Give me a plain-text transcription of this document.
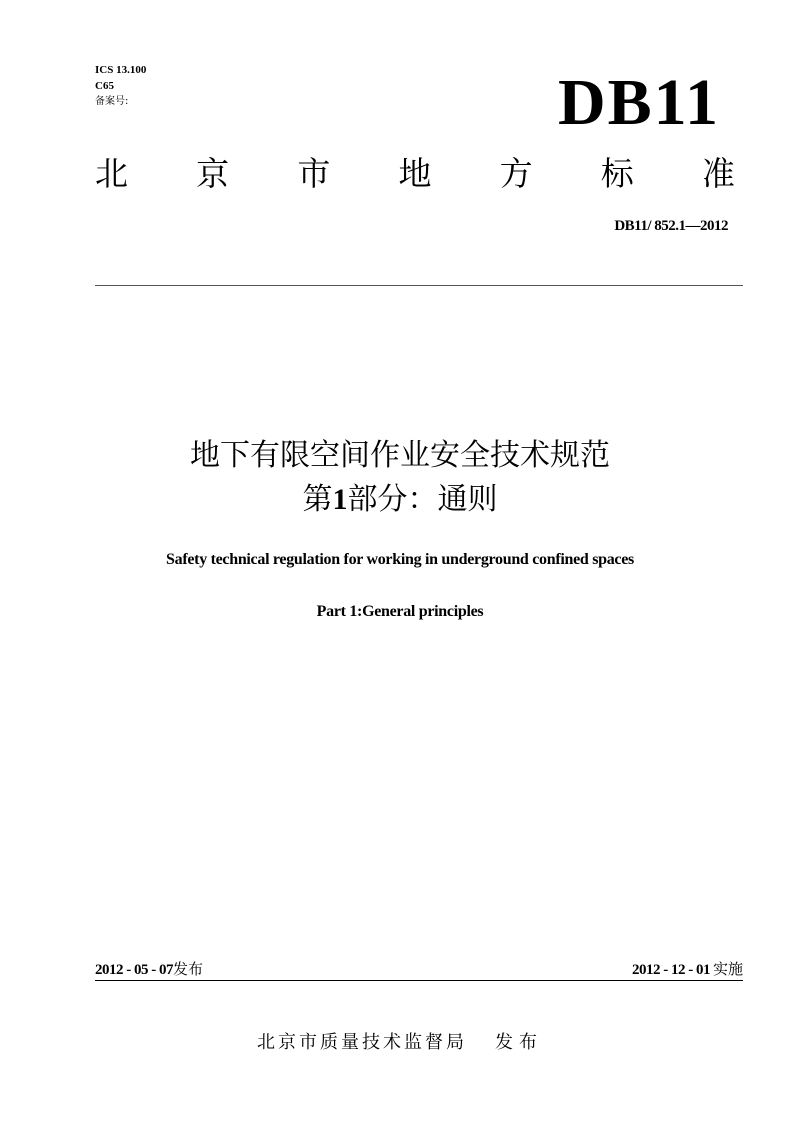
ICS 13.100
C65
备案号:	DB11
北 京 市 地 方 标 准
DB11/ 852.1—2012
地下有限空间作业安全技术规范
第1部分：通则
Safety technical regulation for working in underground confined spaces
Part 1:General principles
2012 - 05 - 07发布	2012 - 12 - 01 实施
北京市质量技术监督局 发布
